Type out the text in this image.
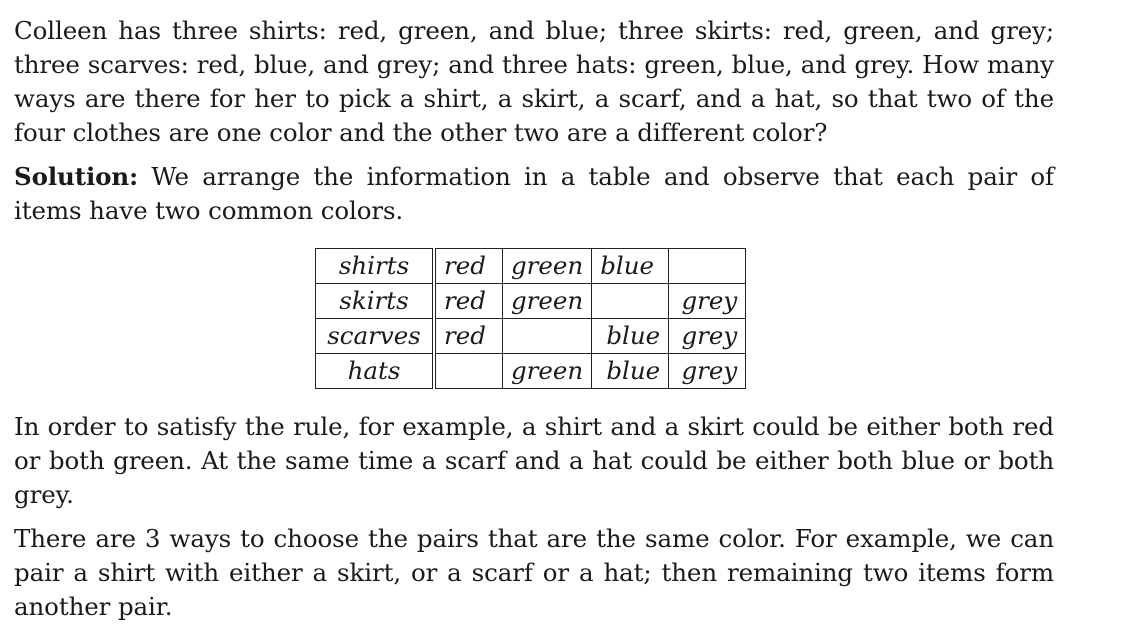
Colleen has three shirts: red, green, and blue; three skirts: red, green, and grey; three scarves: red, blue, and grey; and three hats: green, blue, and grey. How many ways are there for her to pick a shirt, a skirt, a scarf, and a hat, so that two of the four clothes are one color and the other two are a different color?

Solution: We arrange the information in a table and observe that each pair of items have two common colors.

shirts	red	green	blue	
skirts	red	green		grey
scarves	red		blue	grey
hats		green	blue	grey

In order to satisfy the rule, for example, a shirt and a skirt could be either both red or both green. At the same time a scarf and a hat could be either both blue or both grey.

There are 3 ways to choose the pairs that are the same color. For example, we can pair a shirt with either a skirt, or a scarf or a hat; then remaining two items form another pair.
